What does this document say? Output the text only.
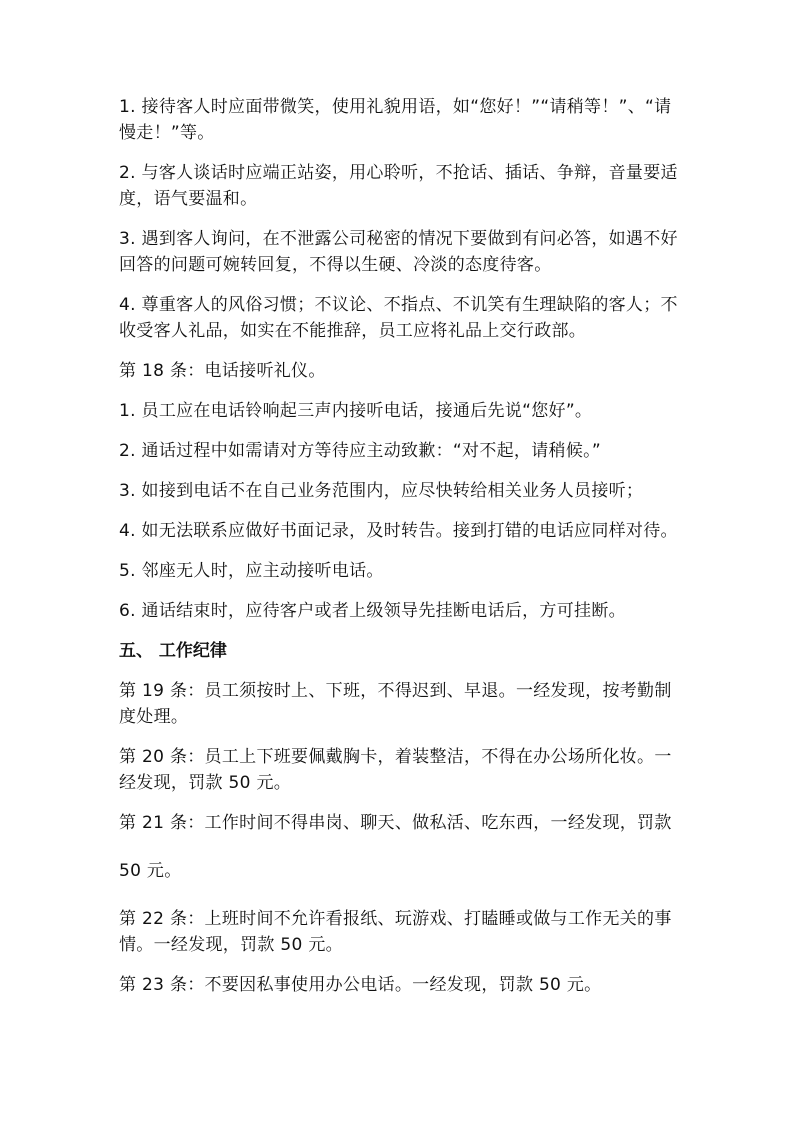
1. 接待客人时应面带微笑，使用礼貌用语，如“您好！”“请稍等！”、“请慢走！”等。

2. 与客人谈话时应端正站姿，用心聆听，不抢话、插话、争辩，音量要适度，语气要温和。

3. 遇到客人询问，在不泄露公司秘密的情况下要做到有问必答，如遇不好回答的问题可婉转回复，不得以生硬、冷淡的态度待客。

4. 尊重客人的风俗习惯；不议论、不指点、不讥笑有生理缺陷的客人；不收受客人礼品，如实在不能推辞，员工应将礼品上交行政部。

第 18 条：电话接听礼仪。

1. 员工应在电话铃响起三声内接听电话，接通后先说“您好”。

2. 通话过程中如需请对方等待应主动致歉：“对不起，请稍候。”

3. 如接到电话不在自己业务范围内，应尽快转给相关业务人员接听；

4. 如无法联系应做好书面记录，及时转告。接到打错的电话应同样对待。

5. 邻座无人时，应主动接听电话。

6. 通话结束时，应待客户或者上级领导先挂断电话后，方可挂断。

五、 工作纪律

第 19 条：员工须按时上、下班，不得迟到、早退。一经发现，按考勤制度处理。

第 20 条：员工上下班要佩戴胸卡，着装整洁，不得在办公场所化妆。一经发现，罚款 50 元。

第 21 条：工作时间不得串岗、聊天、做私活、吃东西，一经发现，罚款

50 元。

第 22 条：上班时间不允许看报纸、玩游戏、打瞌睡或做与工作无关的事情。一经发现，罚款 50 元。

第 23 条：不要因私事使用办公电话。一经发现，罚款 50 元。
